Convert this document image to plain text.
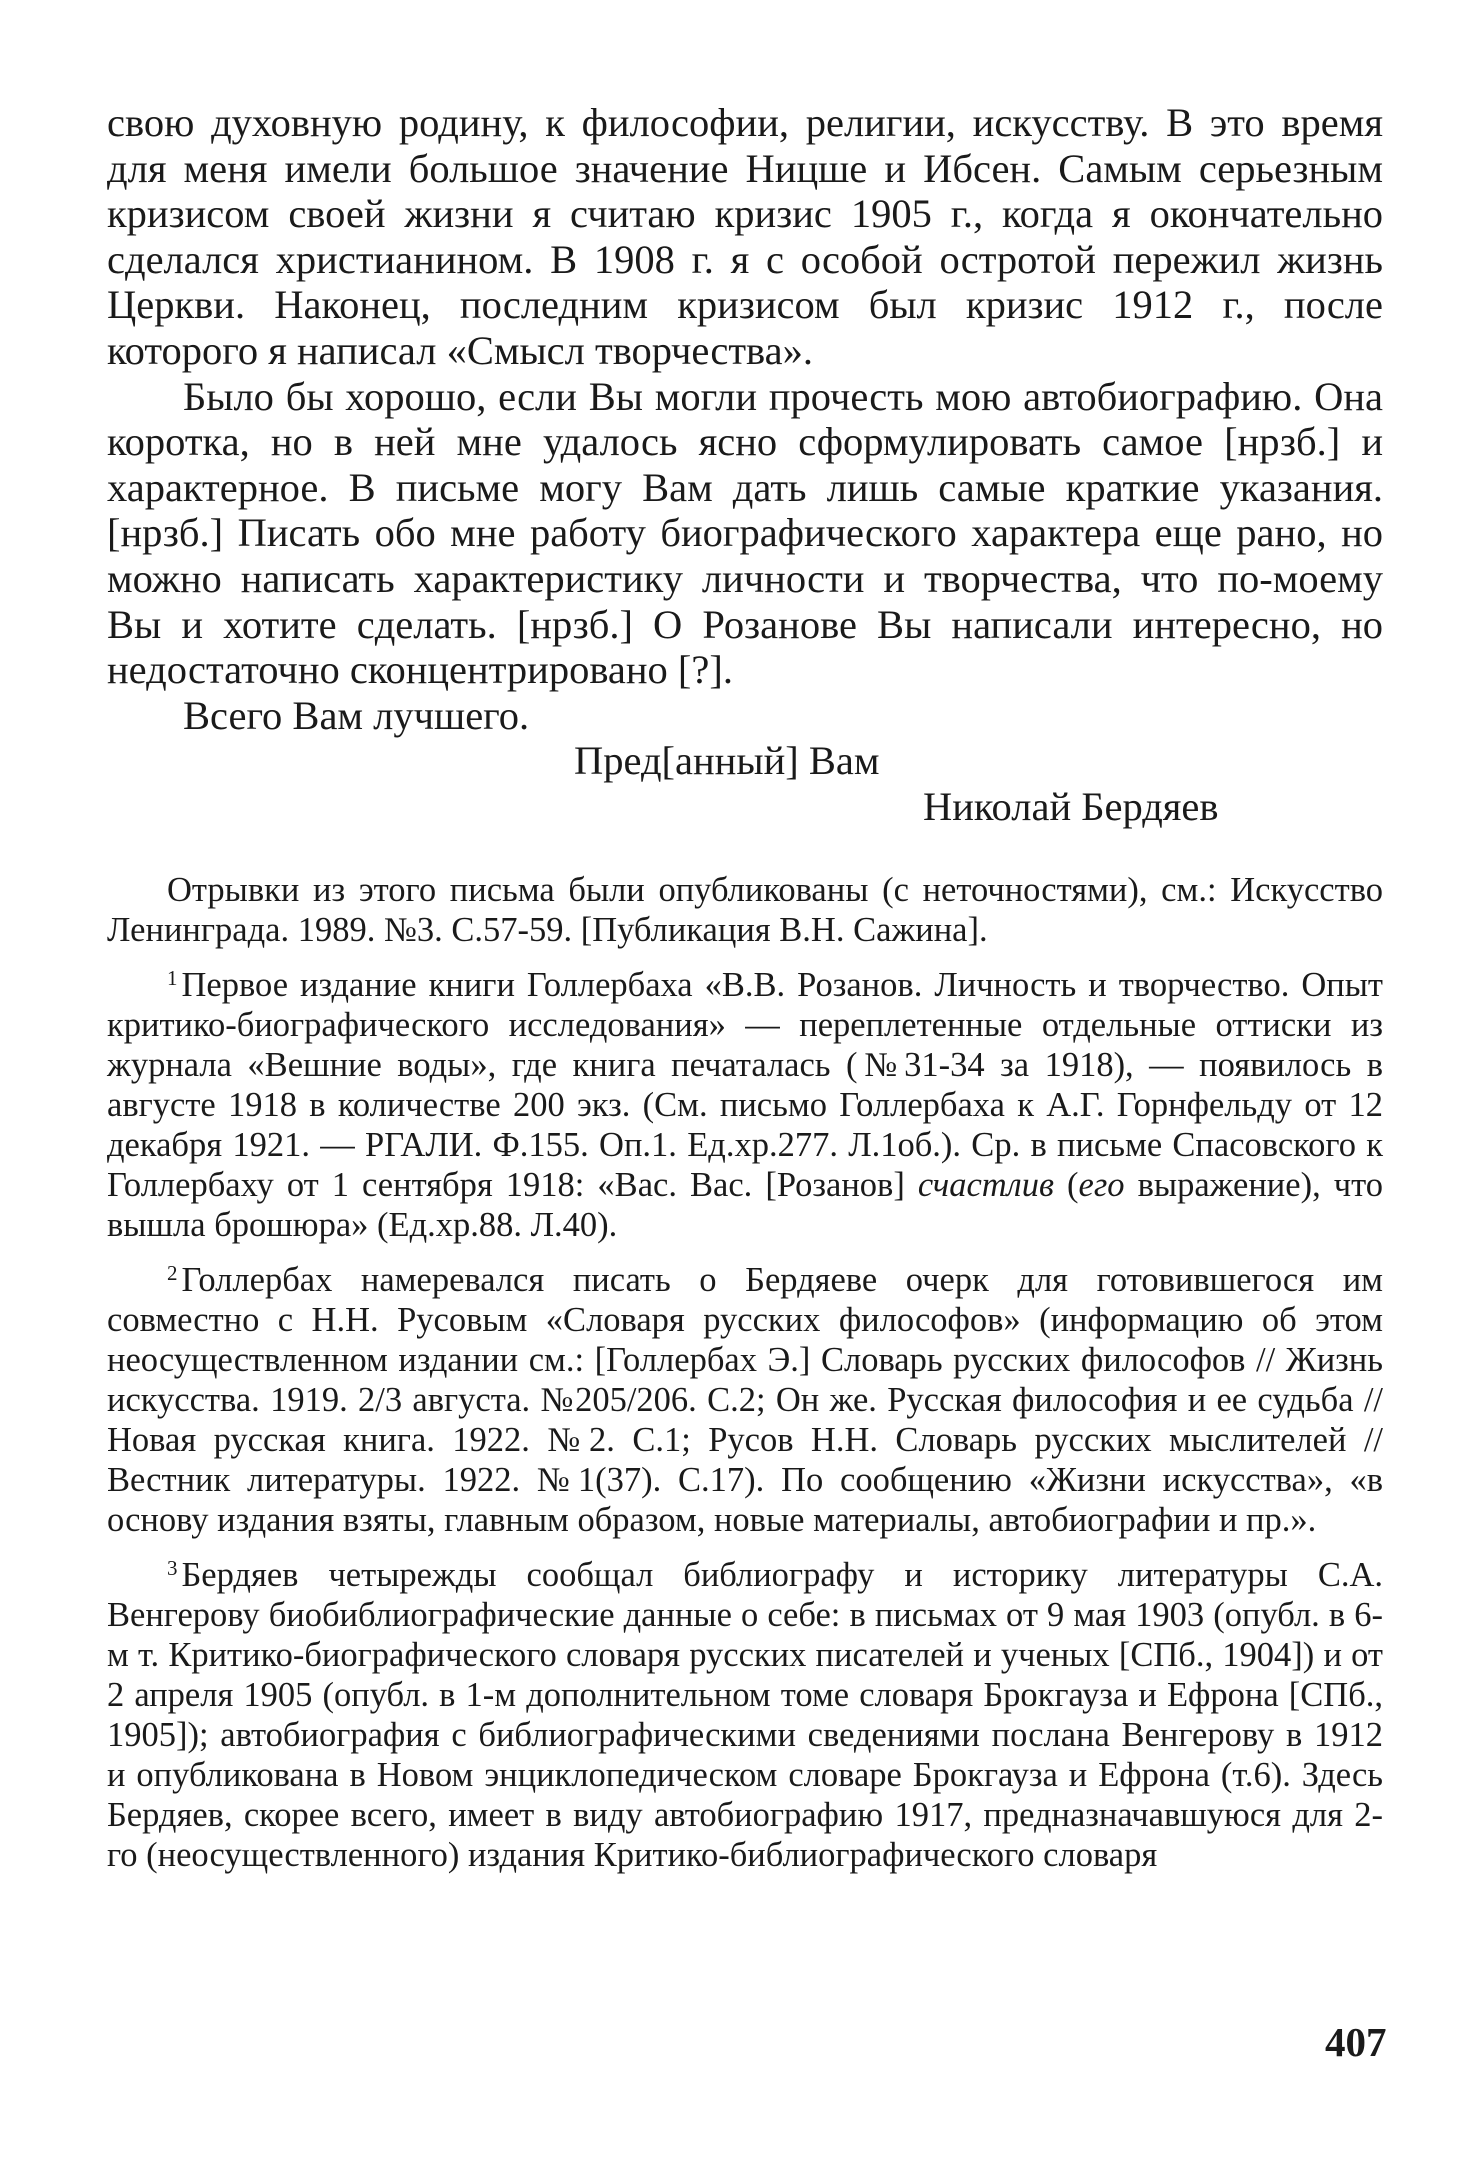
свою духовную родину, к философии, религии, искусству. В это время для меня имели большое значение Ницше и Ибсен. Самым серьезным кризисом своей жизни я считаю кризис 1905 г., когда я окончательно сделался христианином. В 1908 г. я с особой остротой пережил жизнь Церкви. Наконец, последним кризисом был кризис 1912 г., после которого я написал «Смысл творчества».

Было бы хорошо, если Вы могли прочесть мою автобиографию. Она коротка, но в ней мне удалось ясно сформулировать самое [нрзб.] и характерное. В письме могу Вам дать лишь самые краткие указания. [нрзб.] Писать обо мне работу биографического характера еще рано, но можно написать характеристику личности и творчества, что по-моему Вы и хотите сделать. [нрзб.] О Розанове Вы написали интересно, но недостаточно сконцентрировано [?].

Всего Вам лучшего.

Пред[анный] Вам

Николай Бердяев

Отрывки из этого письма были опубликованы (с неточностями), см.: Искусство Ленинграда. 1989. №3. С.57-59. [Публикация В.Н. Сажина].

$^1$ Первое издание книги Голлербаха «В.В. Розанов. Личность и творчество. Опыт критико-биографического исследования» — переплетенные отдельные оттиски из журнала «Вешние воды», где книга печаталась (№31-34 за 1918), — появилось в августе 1918 в количестве 200 экз. (См. письмо Голлербаха к А.Г. Горнфельду от 12 декабря 1921. — РГАЛИ. Ф.155. Оп.1. Ед.хр.277. Л.1об.). Ср. в письме Спасовского к Голлербаху от 1 сентября 1918: «Вас. Вас. [Розанов] счастлив (его выражение), что вышла брошюра» (Ед.хр.88. Л.40).

$^2$ Голлербах намеревался писать о Бердяеве очерк для готовившегося им совместно с Н.Н. Русовым «Словаря русских философов» (информацию об этом неосуществленном издании см.: [Голлербах Э.] Словарь русских философов // Жизнь искусства. 1919. 2/3 августа. №205/206. С.2; Он же. Русская философия и ее судьба // Новая русская книга. 1922. №2. С.1; Русов Н.Н. Словарь русских мыслителей // Вестник литературы. 1922. №1(37). С.17). По сообщению «Жизни искусства», «в основу издания взяты, главным образом, новые материалы, автобиографии и пр.».

$^3$ Бердяев четырежды сообщал библиографу и историку литературы С.А. Венгерову биобиблиографические данные о себе: в письмах от 9 мая 1903 (опубл. в 6-м т. Критико-биографического словаря русских писателей и ученых [СПб., 1904]) и от 2 апреля 1905 (опубл. в 1-м дополнительном томе словаря Брокгауза и Ефрона [СПб., 1905]); автобиография с библиографическими сведениями послана Венгерову в 1912 и опубликована в Новом энциклопедическом словаре Брокгауза и Ефрона (т.6). Здесь Бердяев, скорее всего, имеет в виду автобиографию 1917, предназначавшуюся для 2-го (неосуществленного) издания Критико-библиографического словаря

407
